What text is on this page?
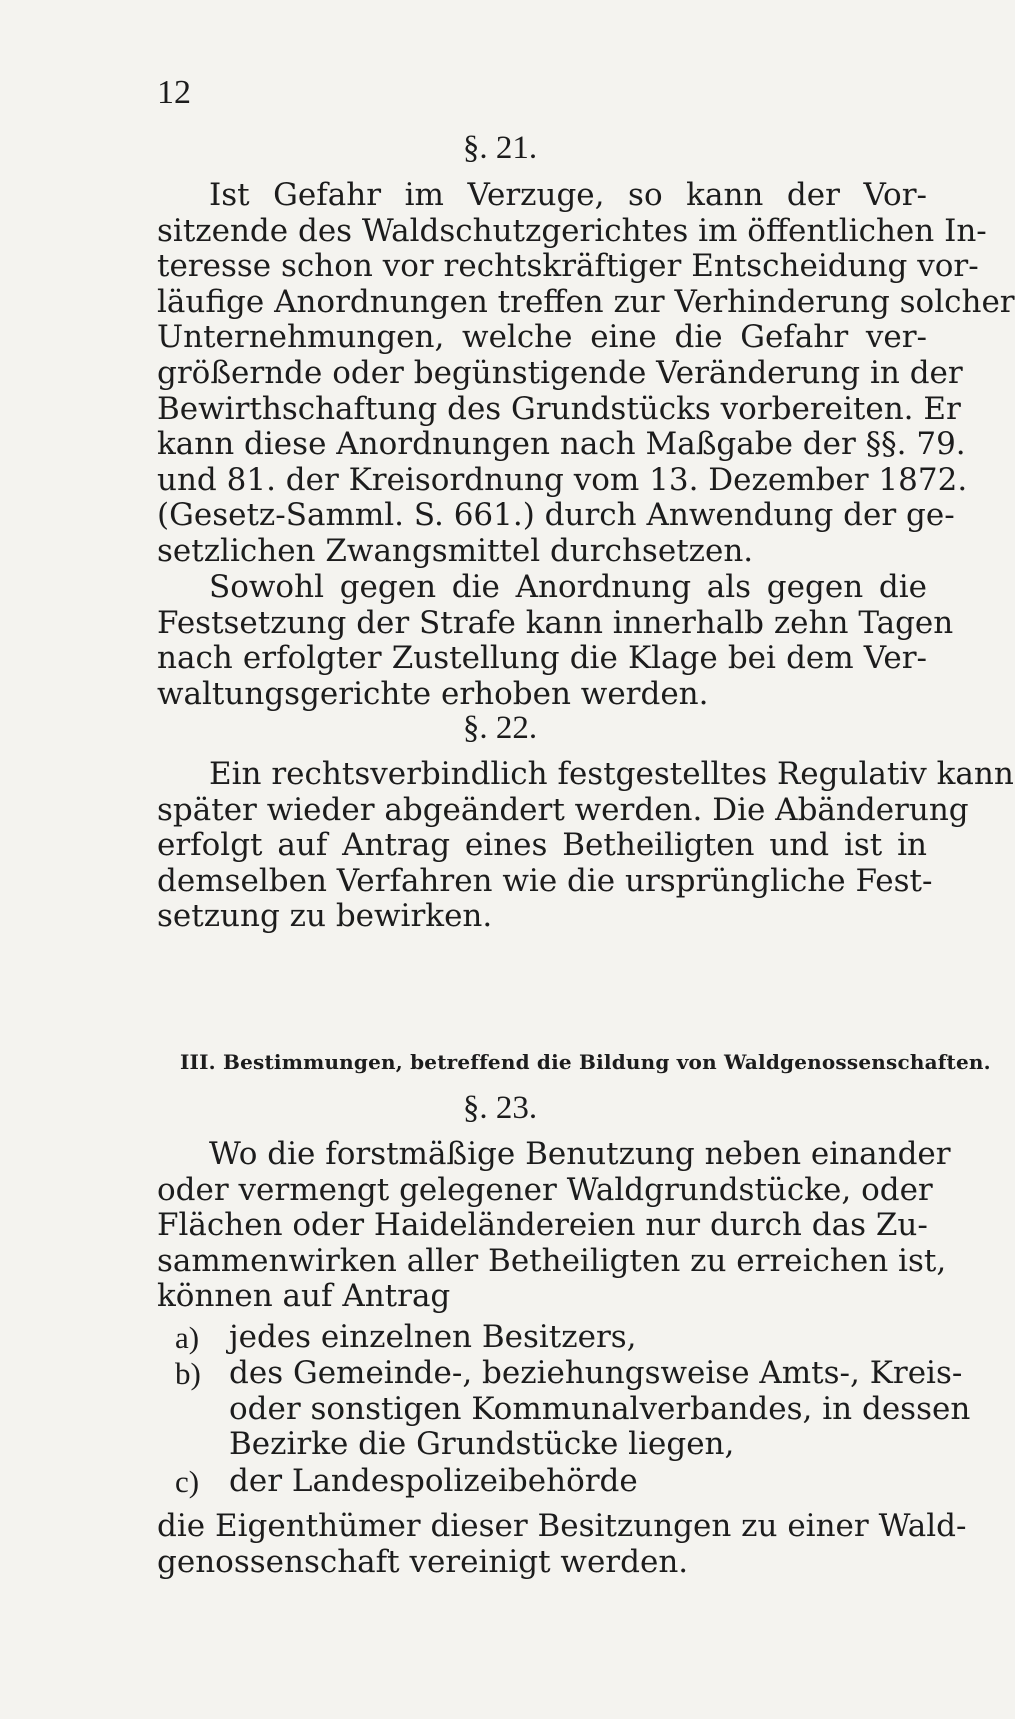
12
§. 21.
Ist Gefahr im Verzuge, so kann der Vor-
sitzende des Waldschutzgerichtes im öffentlichen In-
teresse schon vor rechtskräftiger Entscheidung vor-
läufige Anordnungen treffen zur Verhinderung solcher
Unternehmungen, welche eine die Gefahr ver-
größernde oder begünstigende Veränderung in der
Bewirthschaftung des Grundstücks vorbereiten. Er
kann diese Anordnungen nach Maßgabe der §§. 79.
und 81. der Kreisordnung vom 13. Dezember 1872.
(Gesetz-Samml. S. 661.) durch Anwendung der ge-
setzlichen Zwangsmittel durchsetzen.
Sowohl gegen die Anordnung als gegen die
Festsetzung der Strafe kann innerhalb zehn Tagen
nach erfolgter Zustellung die Klage bei dem Ver-
waltungsgerichte erhoben werden.
§. 22.
Ein rechtsverbindlich festgestelltes Regulativ kann
später wieder abgeändert werden. Die Abänderung
erfolgt auf Antrag eines Betheiligten und ist in
demselben Verfahren wie die ursprüngliche Fest-
setzung zu bewirken.
III. Bestimmungen, betreffend die Bildung von Waldgenossenschaften.
§. 23.
Wo die forstmäßige Benutzung neben einander
oder vermengt gelegener Waldgrundstücke, oder
Flächen oder Haideländereien nur durch das Zu-
sammenwirken aller Betheiligten zu erreichen ist,
können auf Antrag
a) jedes einzelnen Besitzers,
b) des Gemeinde-, beziehungsweise Amts-, Kreis-
oder sonstigen Kommunalverbandes, in dessen
Bezirke die Grundstücke liegen,
c) der Landespolizeibehörde
die Eigenthümer dieser Besitzungen zu einer Wald-
genossenschaft vereinigt werden.
